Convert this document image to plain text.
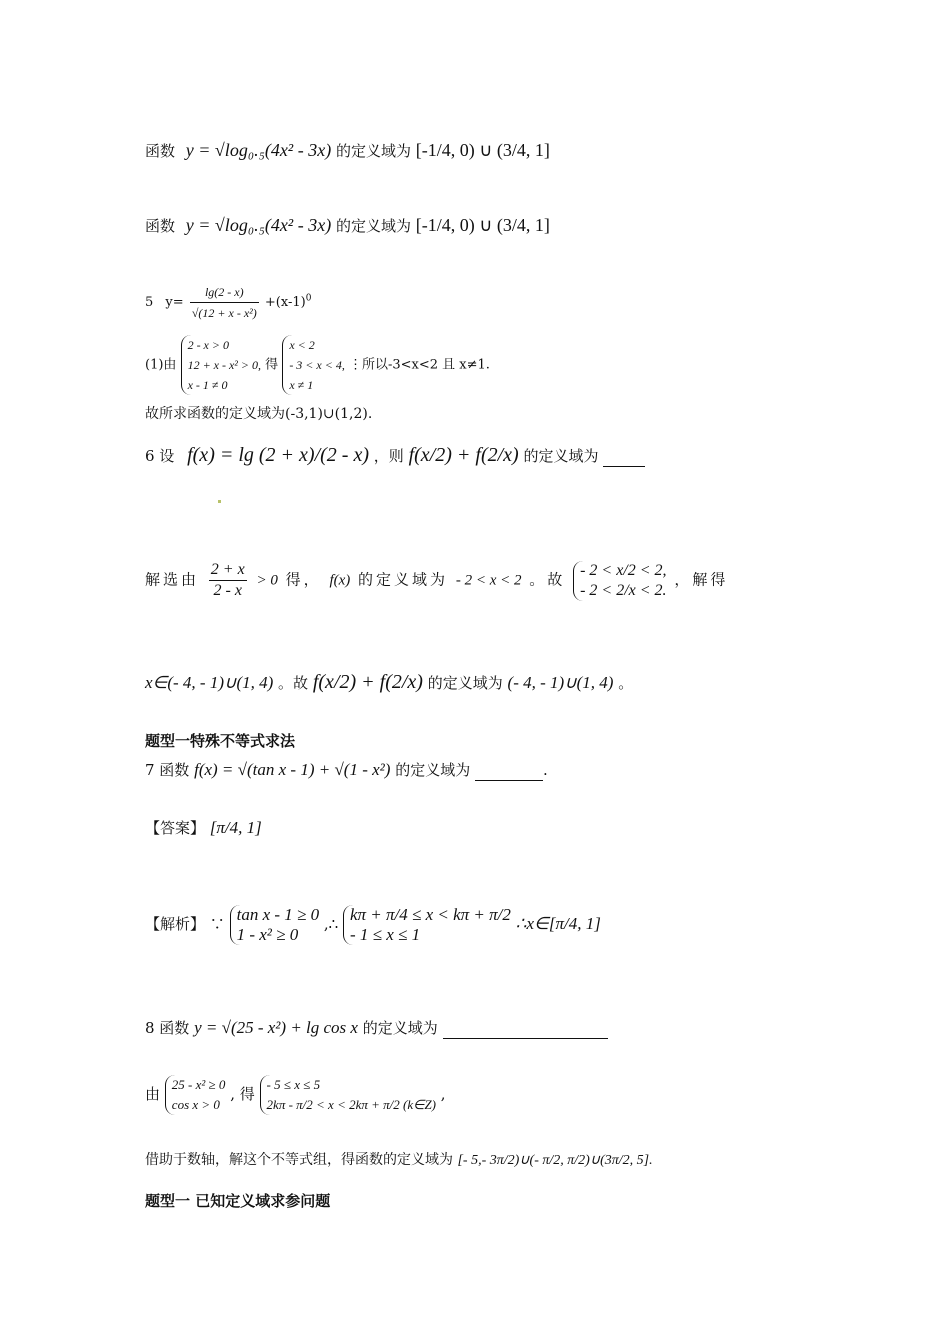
函数 y = √log₀.₅(4x² - 3x) 的定义域为 [-1/4, 0) ∪ (3/4, 1]
函数 y = √log₀.₅(4x² - 3x) 的定义域为 [-1/4, 0) ∪ (3/4, 1]
5 $y= \frac{\lg(2 - x)}{\text{√(12 + x - x²)}} +(x-1)^0$
(1)由
2 - x > 0
12 + x - x² > 0,
x - 1 ≠ 0
得
x < 2
- 3 < x < 4,
x ≠ 1
⋮所以-3<x<2 且 x≠1.
故所求函数的定义域为(-3,1)∪(1,2).
6 设 f(x) = lg (2 + x)/(2 - x) ，则 f(x/2) + f(2/x) 的定义域为
解选由 $\frac{2 + x}{2 - x} > 0$ 得， f(x) 的定义域为 - 2 < x < 2 。故
- 2 < x/2 < 2,
- 2 < 2/x < 2.
，解得
x∈(- 4, - 1)∪(1, 4) 。故 f(x/2) + f(2/x) 的定义域为 (- 4, - 1)∪(1, 4) 。
题型一特殊不等式求法
7 函数 f(x) = √(tan x - 1) + √(1 - x²) 的定义域为	.
【答案】 [π/4, 1]
【解析】 ∵ tan x - 1 ≥ 0
1 - x² ≥ 0
,∴ kπ + π/4 ≤ x < kπ + π/2
- 1 ≤ x ≤ 1
∴x∈[π/4, 1]
8 函数 y = √(25 - x²) + lg cos x 的定义域为
由
25 - x² ≥ 0
cos x > 0
, 得
- 5 ≤ x ≤ 5
2kπ - π/2 < x < 2kπ + π/2 (k∈Z)
,
借助于数轴，解这个不等式组，得函数的定义域为 [- 5,- 3π/2)∪(- π/2, π/2)∪(3π/2, 5].
题型一 已知定义域求参问题
